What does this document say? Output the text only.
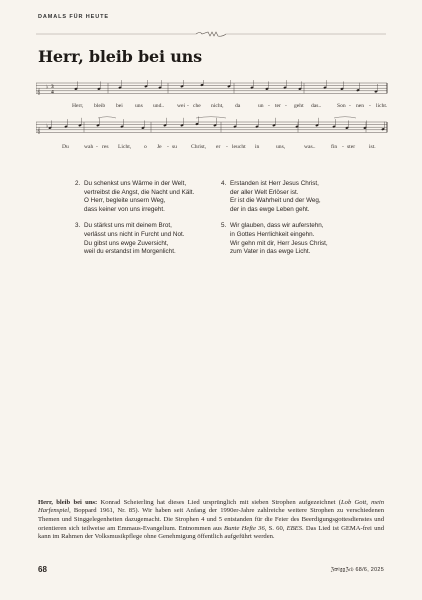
DAMALS FÜR HEUTE
Herr, bleib bei uns
𝄞
♭ 3
4
𝄞
♭
Herr, bleib bei uns und.. wei - che nicht, da	un - ter - geht das..	Son - nen - licht.
Du	wah - res Licht, o Je - su	Christ, er - leucht in	uns,	was..	fin - ster ist.
2. Du schenkst uns Wärme in der Welt,
vertreibst die Angst, die Nacht und Kält.
O Herr, begleite unsern Weg,
dass keiner von uns irregeht.
3. Du stärkst uns mit deinem Brot,
verlässt uns nicht in Furcht und Not.
Du gibst uns ewge Zuversicht,
weil du erstandst im Morgenlicht.
4. Erstanden ist Herr Jesus Christ,
der aller Welt Erlöser ist.
Er ist die Wahrheit und der Weg,
der in das ewge Leben geht.
5. Wir glauben, dass wir auferstehn,
in Gottes Herrlichkeit eingehn.
Wir gehn mit dir, Herr Jesus Christ,
zum Vater in das ewge Licht.

Herr, bleib bei uns: Konrad Scheierling hat dieses Lied ursprünglich mit sieben Strophen aufgezeichnet (Lob Gott, mein Harfenspiel, Boppard 1961, Nr. 85). Wir haben seit Anfang der 1990er-Jahre zahlreiche weitere Strophen zu verschiedenen Themen und Singgelegenheiten dazugemacht. Die Strophen 4 und 5 entstanden für die Feier des Beerdigungsgottesdienstes und orientieren sich teilweise am Emmaus-Evangelium. Entnommen aus Bunte Hefte 36, S. 60, EBES. Das Lied ist GEMA-frei und kann im Rahmen der Volksmusikpflege ohne Genehmigung öffentlich aufgeführt werden.

68	ℨ𝔴𝔦𝔤𝔤ℨ𝔠𝔥 68/6, 2025
